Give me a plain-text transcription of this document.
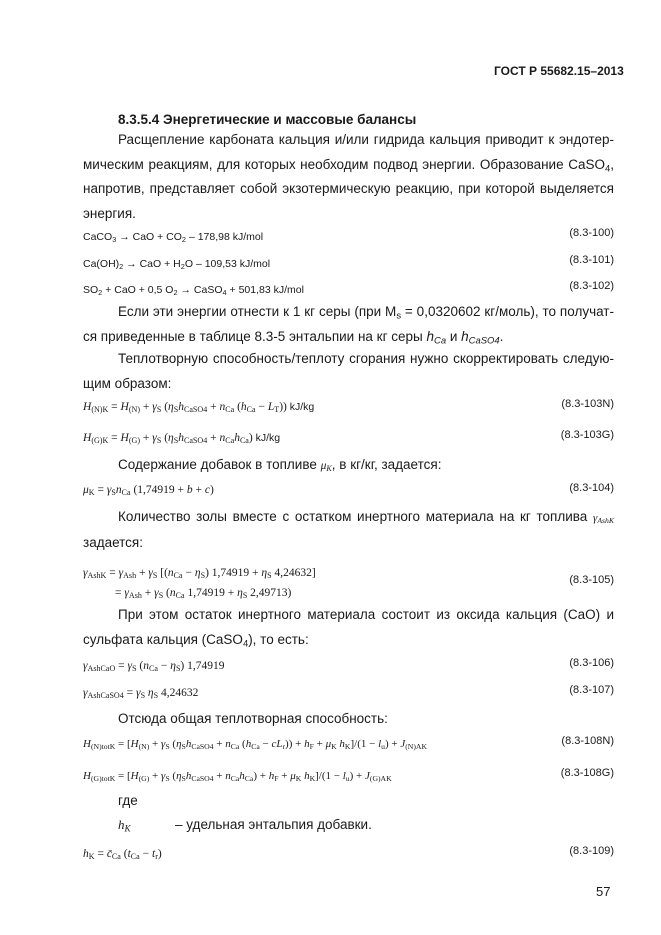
ГОСТ Р 55682.15–2013
8.3.5.4 Энергетические и массовые балансы

Расщепление карбоната кальция и/или гидрида кальция приводит к эндотермическим реакциям, для которых необходим подвод энергии. Образование CaSO$_4$, напротив, представляет собой экзотермическую реакцию, при которой выделяется энергия.

CaCO$_3$ → CaO + $CO_2 - 178,98$ kJ/mol	(8.3-100)
$Ca(OH)_2$ → CaO + $H_2O - 109,53$ kJ/mol	(8.3-101)
$SO_2$ + CaO + 0,5 $O_2$ → CaSO$_4$ + 501,83 kJ/mol	(8.3-102)

Если эти энергии отнести к 1 кг серы (при $M_s = 0,0320602$ кг/моль), то получатся приведенные в таблице 8.3-5 энтальпии на кг серы $h_{Ca}$ и $h_{CaSO4}$.

Теплотворную способность/теплоту сгорания нужно скорректировать следующим образом:

$H_{(N)K} = H_{(N)} + \gamma_S$ ($\eta_Sh_{CaSO4} + n_{Ca}$ $(h_{Ca} - L_T)$) kJ/kg	(8.3-103N)
$H_{(G)K} = H_{(G)} + \gamma_S$ $(\eta_Sh_{CaSO4} + n_{Ca}h_{Ca})$ kJ/kg	(8.3-103G)

Содержание добавок в топливе $\mu_K$, в кг/кг, задается:

$\mu_K = \gamma_Sn_{Ca}$ (1,74919 + b + c)	(8.3-104)

Количество золы вместе с остатком инертного материала на кг топлива $\gamma_{AshK}$ задается:

$\gamma_{AshK} = \gamma_{Ash} + \gamma_S$ [$(n_{Ca} - \eta_S) 1,74919 + \eta_S$ 4,24632]
= $\gamma_{Ash} + \gamma_S$ ($n_{Ca}$ $1,74919 + \eta_S$ 2,49713)
(8.3-105)

При этом остаток инертного материала состоит из оксида кальция (CaO) и сульфата кальция (CaSO$_4$), то есть:

$\gamma_{AshCaO} = \gamma_S$ $(n_{Ca} - \eta_S)$ 1,74919	(8.3-106)
$\gamma_{AshCaSO4} = \gamma_S$ $\eta_S$ 4,24632	(8.3-107)
Отсюда общая теплотворная способность:
$H_{(N)totK} = [H_{(N)} + \gamma_S$ ($\eta_Sh_{CaSO4} + n_{Ca}$ $(h_{Ca} - cL_r)) + h_F + \mu_K$ $h_K]/(1 - l_u) + J_{(N)AK}$	(8.3-108N)
$H_{(G)totK} = [H_{(G)} + \gamma_S$ $(\eta_Sh_{CaSO4} + n_{Ca}h_{Ca}) + h_F + \mu_K$ $h_K]/(1 - l_u) + J_{(G)AK}$	(8.3-108G)
где
$h_K$	– удельная энтальпия добавки.
$h_K$ = $c̄_{Ca}$ $(t_{Ca} - t_r)$	(8.3-109)
57
